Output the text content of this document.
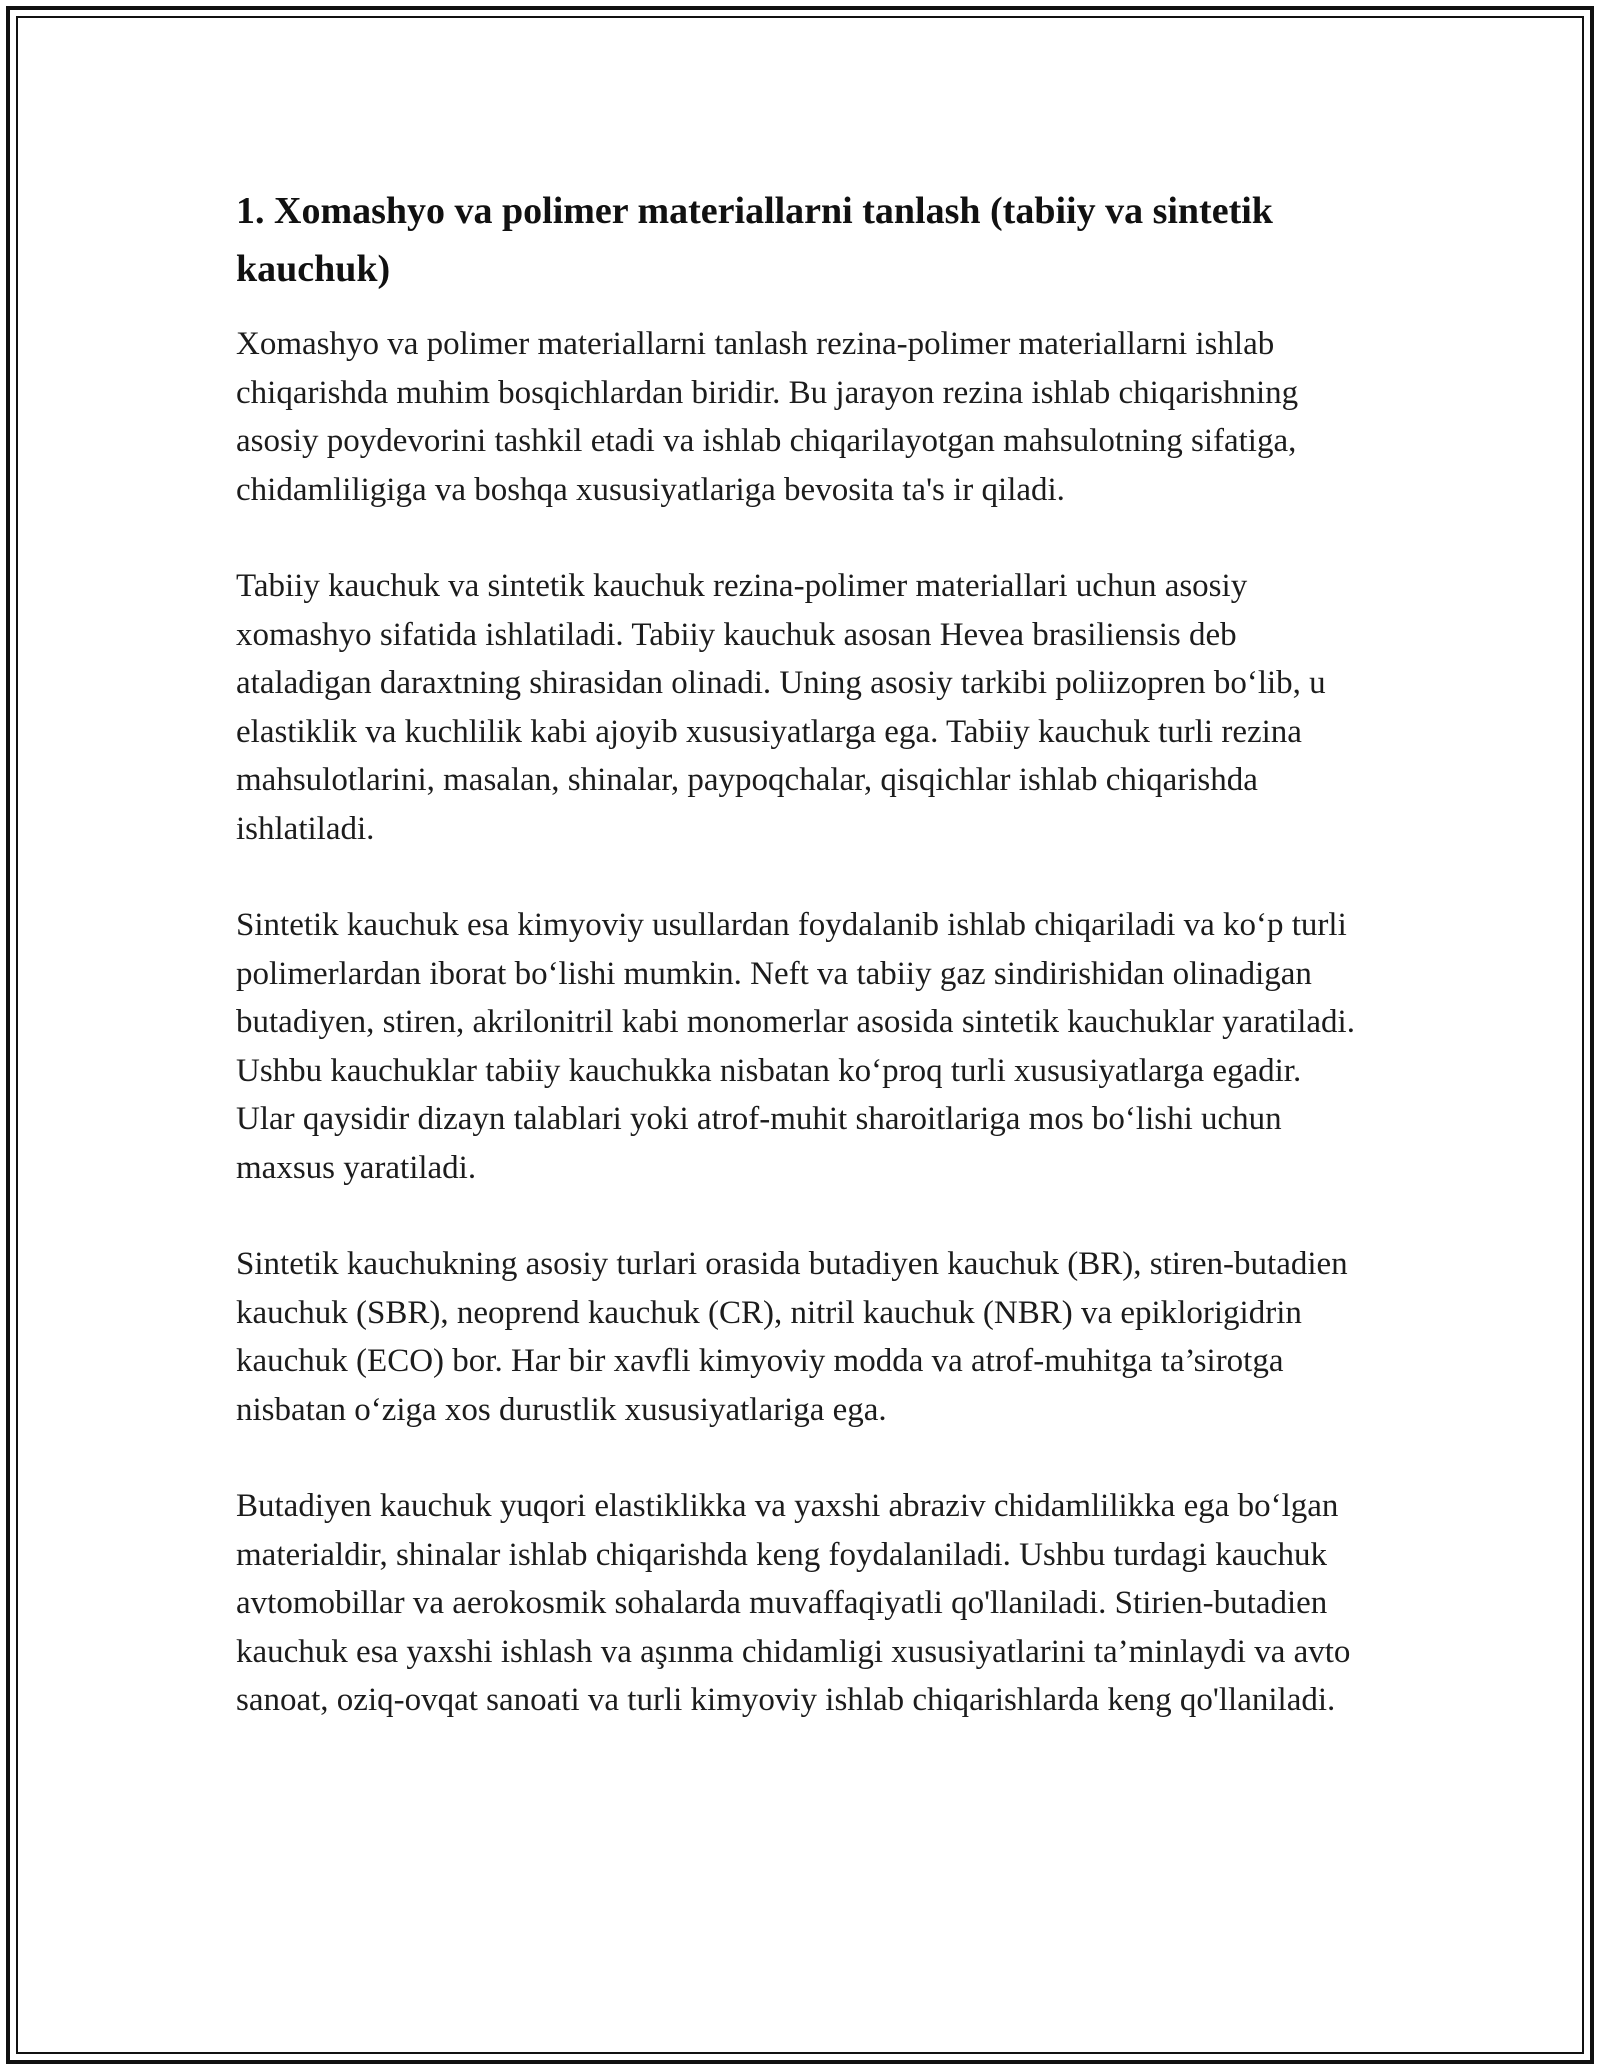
1. Xomashyo va polimer materiallarni tanlash (tabiiy va sintetik kauchuk)

Xomashyo va polimer materiallarni tanlash rezina-polimer materiallarni ishlab chiqarishda muhim bosqichlardan biridir. Bu jarayon rezina ishlab chiqarishning asosiy poydevorini tashkil etadi va ishlab chiqarilayotgan mahsulotning sifatiga, chidamliligiga va boshqa xususiyatlariga bevosita ta's ir qiladi.

Tabiiy kauchuk va sintetik kauchuk rezina-polimer materiallari uchun asosiy xomashyo sifatida ishlatiladi. Tabiiy kauchuk asosan Hevea brasiliensis deb ataladigan daraxtning shirasidan olinadi. Uning asosiy tarkibi poliizopren bo‘lib, u elastiklik va kuchlilik kabi ajoyib xususiyatlarga ega. Tabiiy kauchuk turli rezina mahsulotlarini, masalan, shinalar, paypoqchalar, qisqichlar ishlab chiqarishda ishlatiladi.

Sintetik kauchuk esa kimyoviy usullardan foydalanib ishlab chiqariladi va ko‘p turli polimerlardan iborat bo‘lishi mumkin. Neft va tabiiy gaz sindirishidan olinadigan butadiyen, stiren, akrilonitril kabi monomerlar asosida sintetik kauchuklar yaratiladi. Ushbu kauchuklar tabiiy kauchukka nisbatan ko‘proq turli xususiyatlarga egadir. Ular qaysidir dizayn talablari yoki atrof-muhit sharoitlariga mos bo‘lishi uchun maxsus yaratiladi.

Sintetik kauchukning asosiy turlari orasida butadiyen kauchuk (BR), stiren-butadien kauchuk (SBR), neoprend kauchuk (CR), nitril kauchuk (NBR) va epiklorigidrin kauchuk (ECO) bor. Har bir xavfli kimyoviy modda va atrof-muhitga ta’sirotga nisbatan o‘ziga xos durustlik xususiyatlariga ega.

Butadiyen kauchuk yuqori elastiklikka va yaxshi abraziv chidamlilikka ega bo‘lgan materialdir, shinalar ishlab chiqarishda keng foydalaniladi. Ushbu turdagi kauchuk avtomobillar va aerokosmik sohalarda muvaffaqiyatli qo'llaniladi. Stirien-butadien kauchuk esa yaxshi ishlash va aşınma chidamligi xususiyatlarini ta’minlaydi va avto sanoat, oziq-ovqat sanoati va turli kimyoviy ishlab chiqarishlarda keng qo'llaniladi.
